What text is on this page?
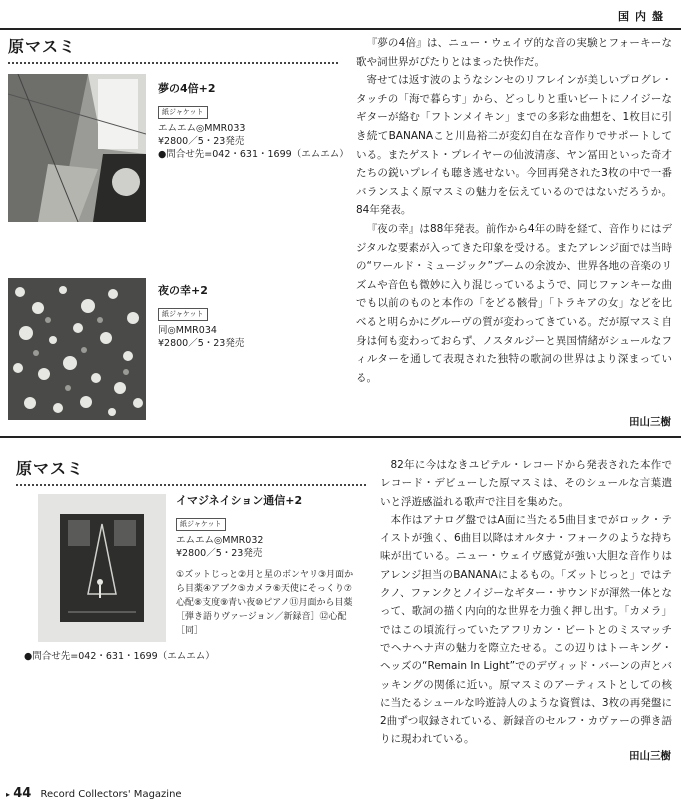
国内盤
原マスミ
夢の4倍+2
紙ジャケット
エムエム◎MMR033
¥2800／5・23発売
●問合せ先=042・631・1699（エムエム）
夜の幸+2
紙ジャケット
同◎MMR034
¥2800／5・23発売

『夢の4倍』は、ニュー・ウェイヴ的な音の実験とフォーキーな歌や詞世界がぴたりとはまった快作だ。

寄せては返す波のようなシンセのリフレインが美しいプログレ・タッチの「海で暮らす」から、どっしりと重いビートにノイジーなギターが絡む「フトンメイキン」までの多彩な曲想を、1枚目に引き続てBANANAこと川島裕二が変幻自在な音作りでサポートしている。またゲスト・プレイヤーの仙波清彦、ヤン冨田といった奇才たちの鋭いプレイも聴き逃せない。今回再発された3枚の中で一番バランスよく原マスミの魅力を伝えているのではないだろうか。84年発表。

『夜の幸』は88年発表。前作から4年の時を経て、音作りにはデジタルな要素が入ってきた印象を受ける。またアレンジ面では当時の“ワールド・ミュージック”ブームの余波か、世界各地の音楽のリズムや音色も微妙に入り混じっているようで、同じファンキーな曲でも以前のものと本作の「をどる骸骨」「トラキアの女」などを比べると明らかにグルーヴの質が変わってきている。だが原マスミ自身は何も変わっておらず、ノスタルジーと異国情緒がシュールなフィルターを通して表現された独特の歌詞の世界はより深まっている。

田山三樹
原マスミ
イマジネイション通信+2
紙ジャケット
エムエム◎MMR032
¥2800／5・23発売
①ズットじっと②月と星のボンヤリ③月面から目薬④アブク⑤カメラ⑥天使にそっくり⑦心配⑧支度⑨青い夜⑩ピアノ⑪月面から目薬［弾き語りヴァージョン／新録音］⑫心配［同］
●問合せ先=042・631・1699（エムエム）

82年に今はなきユピテル・レコードから発表された本作でレコード・デビューした原マスミは、そのシュールな言葉遣いと浮遊感溢れる歌声で注目を集めた。

本作はアナログ盤ではA面に当たる5曲目までがロック・テイストが強く、6曲目以降はオルタナ・フォークのような持ち味が出ている。ニュー・ウェイヴ感覚が強い大胆な音作りはアレンジ担当のBANANAによるもの。「ズットじっと」ではテクノ、ファンクとノイジーなギター・サウンドが渾然一体となって、歌詞の描く内向的な世界を力強く押し出す。「カメラ」ではこの頃流行っていたアフリカン・ビートとのミスマッチでヘナヘナ声の魅力を際立たせる。この辺りはトーキング・ヘッズの“Remain In Light”でのデヴィッド・バーンの声とバッキングの関係に近い。原マスミのアーティストとしての核に当たるシュールな吟遊詩人のような資質は、3枚の再発盤に2曲ずつ収録されている、新録音のセルフ・カヴァーの弾き語りに現われている。

田山三樹
▸ 44 Record Collectors' Magazine
